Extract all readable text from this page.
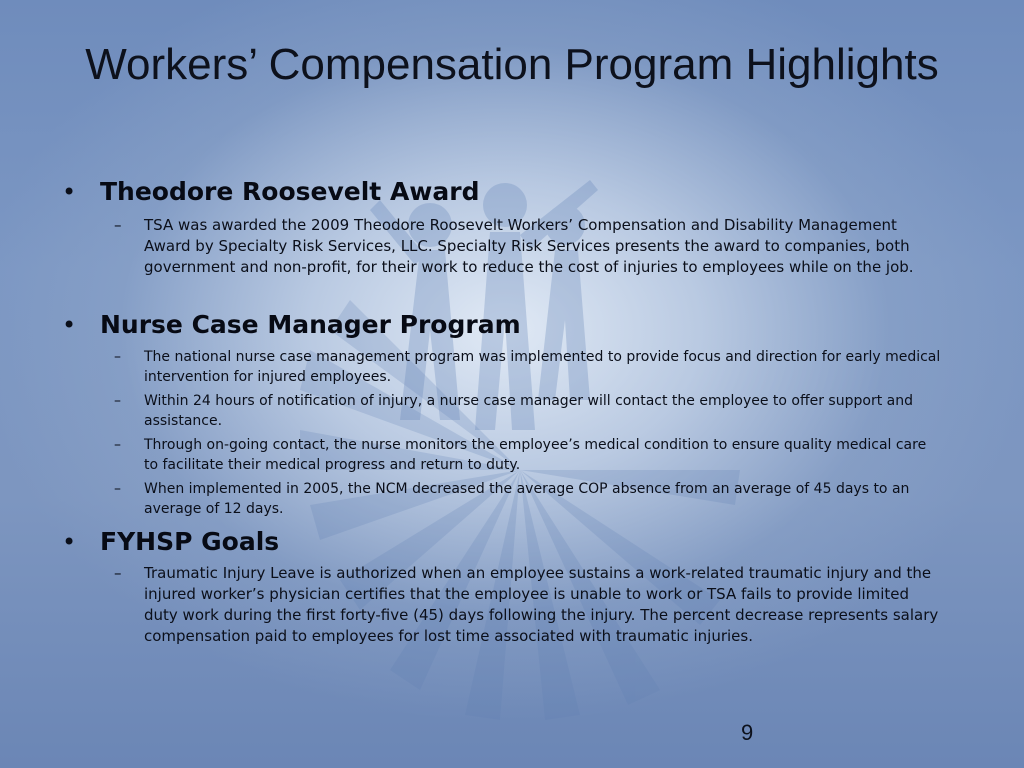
Workers’ Compensation Program Highlights
• Theodore Roosevelt Award
–	TSA was awarded the 2009 Theodore Roosevelt Workers’ Compensation and Disability Management Award by Specialty Risk Services, LLC. Specialty Risk Services presents the award to companies, both government and non-profit, for their work to reduce the cost of injuries to employees while on the job.
• Nurse Case Manager Program
–	The national nurse case management program was implemented to provide focus and direction for early medical intervention for injured employees.
–	Within 24 hours of notification of injury, a nurse case manager will contact the employee to offer support and assistance.
–	Through on-going contact, the nurse monitors the employee’s medical condition to ensure quality medical care to facilitate their medical progress and return to duty.
–	When implemented in 2005, the NCM decreased the average COP absence from an average of 45 days to an average of 12 days.
• FYHSP Goals
–	Traumatic Injury Leave is authorized when an employee sustains a work-related traumatic injury and the injured worker’s physician certifies that the employee is unable to work or TSA fails to provide limited duty work during the first forty-five (45) days following the injury. The percent decrease represents salary compensation paid to employees for lost time associated with traumatic injuries.
9
